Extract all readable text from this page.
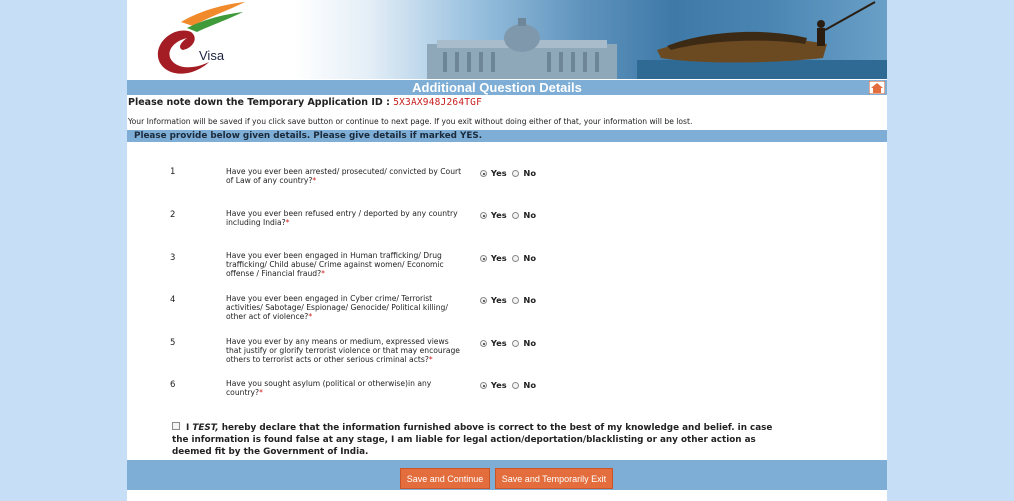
Visa
Additional Question Details
Please note down the Temporary Application ID : 5X3AX948J264TGF
Your Information will be saved if you click save button or continue to next page. If you exit without doing either of that, your information will be lost.
Please provide below given details. Please give details if marked YES.
1	Have you ever been arrested/ prosecuted/ convicted by Court of Law of any country?*
Yes No
2	Have you ever been refused entry / deported by any country including India?*
Yes No
3	Have you ever been engaged in Human trafficking/ Drug trafficking/ Child abuse/ Crime against women/ Economic offense / Financial fraud?*
Yes No
4	Have you ever been engaged in Cyber crime/ Terrorist activities/ Sabotage/ Espionage/ Genocide/ Political killing/ other act of violence?*
Yes No
5	Have you ever by any means or medium, expressed views that justify or glorify terrorist violence or that may encourage others to terrorist acts or other serious criminal acts?*
Yes No
6	Have you sought asylum (political or otherwise)in any country?*
Yes No
I TEST, hereby declare that the information furnished above is correct to the best of my knowledge and belief. in case the information is found false at any stage, I am liable for legal action/deportation/blacklisting or any other action as deemed fit by the Government of India.
Save and Continue	Save and Temporarily Exit
